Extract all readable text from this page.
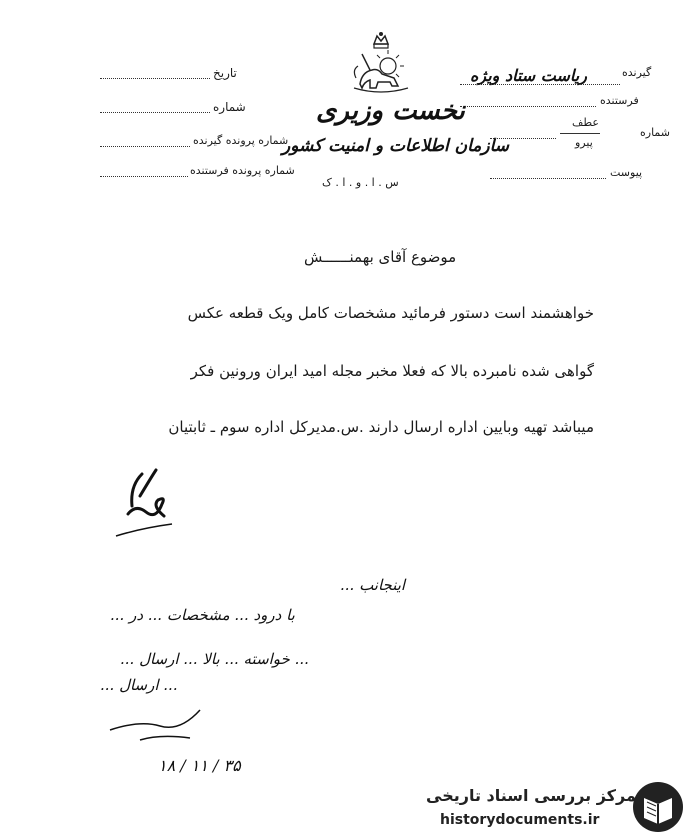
تاریخ
شماره
شماره پرونده گیرنده
شماره پرونده فرستنده
نخست وزیری
سازمان اطلاعات و امنیت کشور
س . ا . و . ا . ک
گیرنده
ریاست ستاد ویژه
فرستنده
عطف
شماره
پیرو
پیوست
موضوع آقای بهمنــــــش
خواهشمند است دستور فرمائید مشخصات کامل ویک قطعه عکس
گواهی شده نامبرده بالا که فعلا مخبر مجله امید ایران ورونین فکر
میباشد تهیه وبایین اداره ارسال دارند .س.مدیرکل اداره سوم ـ ثابتیان
اینجانب ...
با درود ... مشخصات ... در ...
... خواسته ... بالا ... ارسال ...
... ارسال ...
۱۸ / ۱۱ / ۳۵
مرکز بررسی اسناد تاریخی
historydocuments.ir
